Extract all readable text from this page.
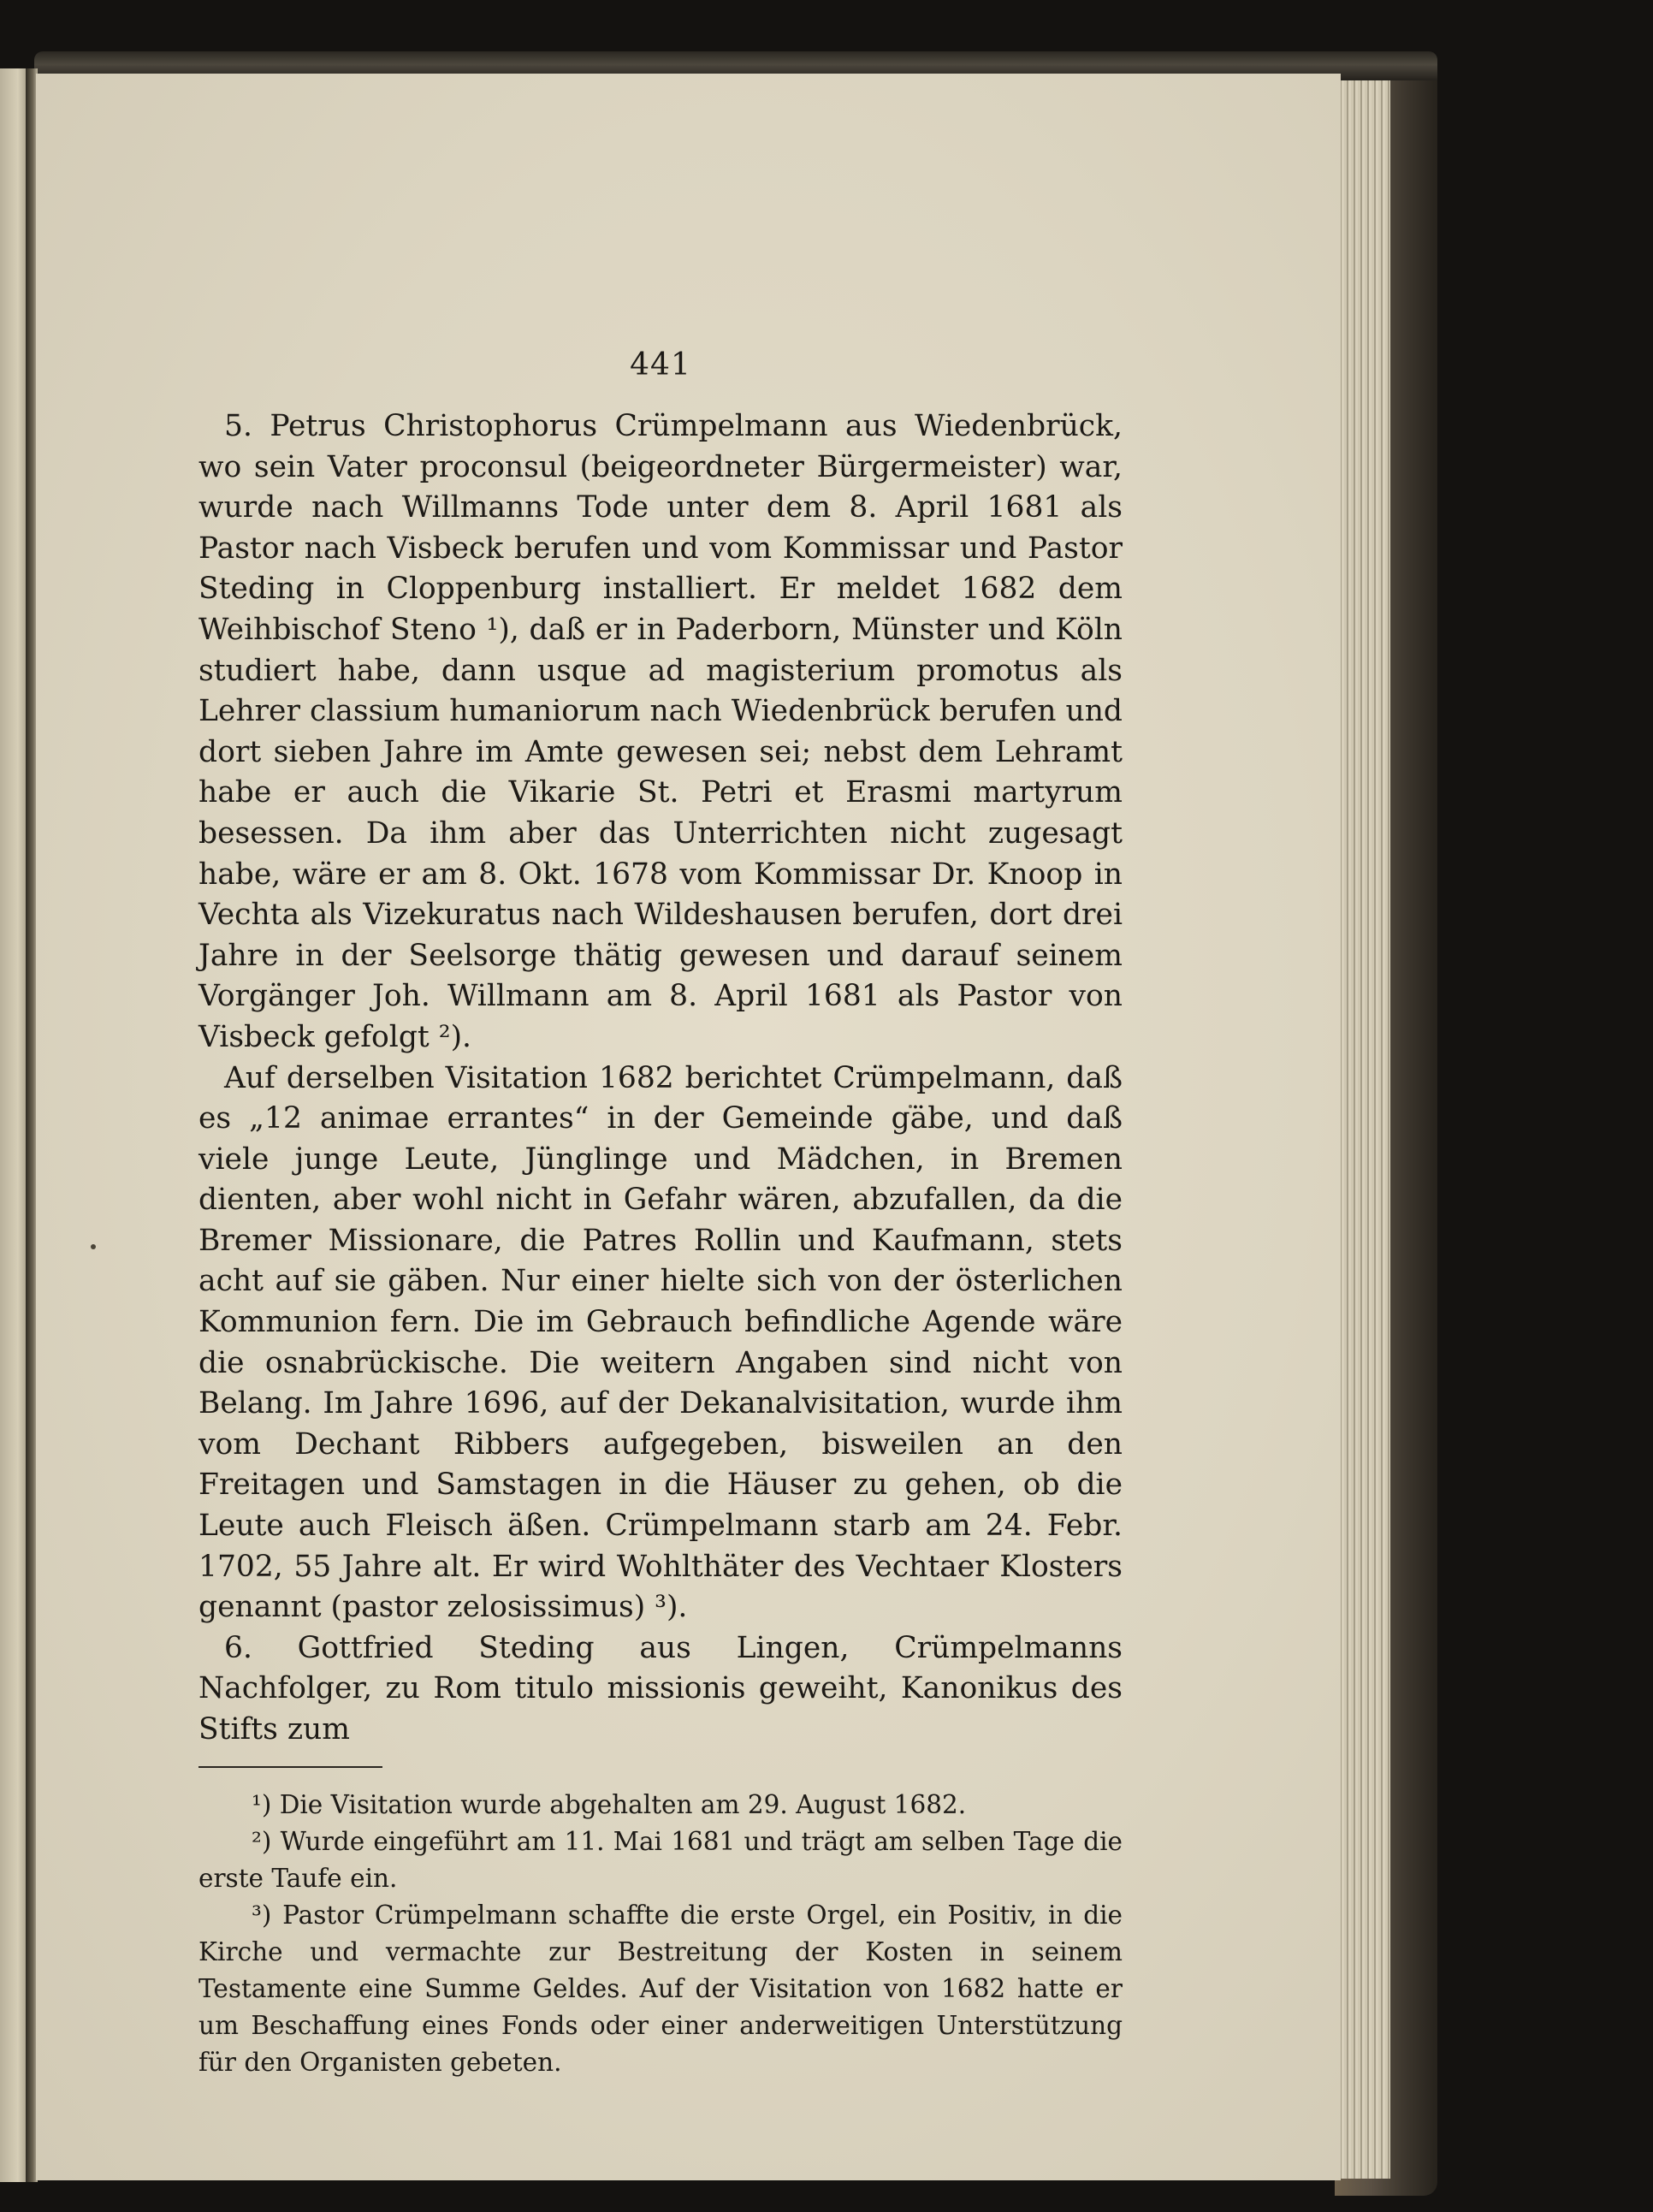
441

5. Petrus Christophorus Crümpelmann aus Wiedenbrück, wo sein Vater proconsul (beigeordneter Bürgermeister) war, wurde nach Willmanns Tode unter dem 8. April 1681 als Pastor nach Visbeck berufen und vom Kommissar und Pastor Steding in Cloppenburg installiert. Er meldet 1682 dem Weihbischof Steno ¹), daß er in Paderborn, Münster und Köln studiert habe, dann usque ad magisterium promotus als Lehrer classium humaniorum nach Wiedenbrück berufen und dort sieben Jahre im Amte gewesen sei; nebst dem Lehramt habe er auch die Vikarie St. Petri et Erasmi martyrum besessen. Da ihm aber das Unterrichten nicht zugesagt habe, wäre er am 8. Okt. 1678 vom Kommissar Dr. Knoop in Vechta als Vizekuratus nach Wildeshausen berufen, dort drei Jahre in der Seelsorge thätig gewesen und darauf seinem Vorgänger Joh. Willmann am 8. April 1681 als Pastor von Visbeck gefolgt ²).

Auf derselben Visitation 1682 berichtet Crümpelmann, daß es „12 animae errantes“ in der Gemeinde gäbe, und daß viele junge Leute, Jünglinge und Mädchen, in Bremen dienten, aber wohl nicht in Gefahr wären, abzufallen, da die Bremer Missionare, die Patres Rollin und Kaufmann, stets acht auf sie gäben. Nur einer hielte sich von der österlichen Kommunion fern. Die im Gebrauch befindliche Agende wäre die osnabrückische. Die weitern Angaben sind nicht von Belang. Im Jahre 1696, auf der Dekanalvisitation, wurde ihm vom Dechant Ribbers aufgegeben, bisweilen an den Freitagen und Samstagen in die Häuser zu gehen, ob die Leute auch Fleisch äßen. Crümpelmann starb am 24. Febr. 1702, 55 Jahre alt. Er wird Wohlthäter des Vechtaer Klosters genannt (pastor zelosissimus) ³).

6. Gottfried Steding aus Lingen, Crümpelmanns Nachfolger, zu Rom titulo missionis geweiht, Kanonikus des Stifts zum

¹) Die Visitation wurde abgehalten am 29. August 1682.

²) Wurde eingeführt am 11. Mai 1681 und trägt am selben Tage die erste Taufe ein.

³) Pastor Crümpelmann schaffte die erste Orgel, ein Positiv, in die Kirche und vermachte zur Bestreitung der Kosten in seinem Testamente eine Summe Geldes. Auf der Visitation von 1682 hatte er um Beschaffung eines Fonds oder einer anderweitigen Unterstützung für den Organisten gebeten.
